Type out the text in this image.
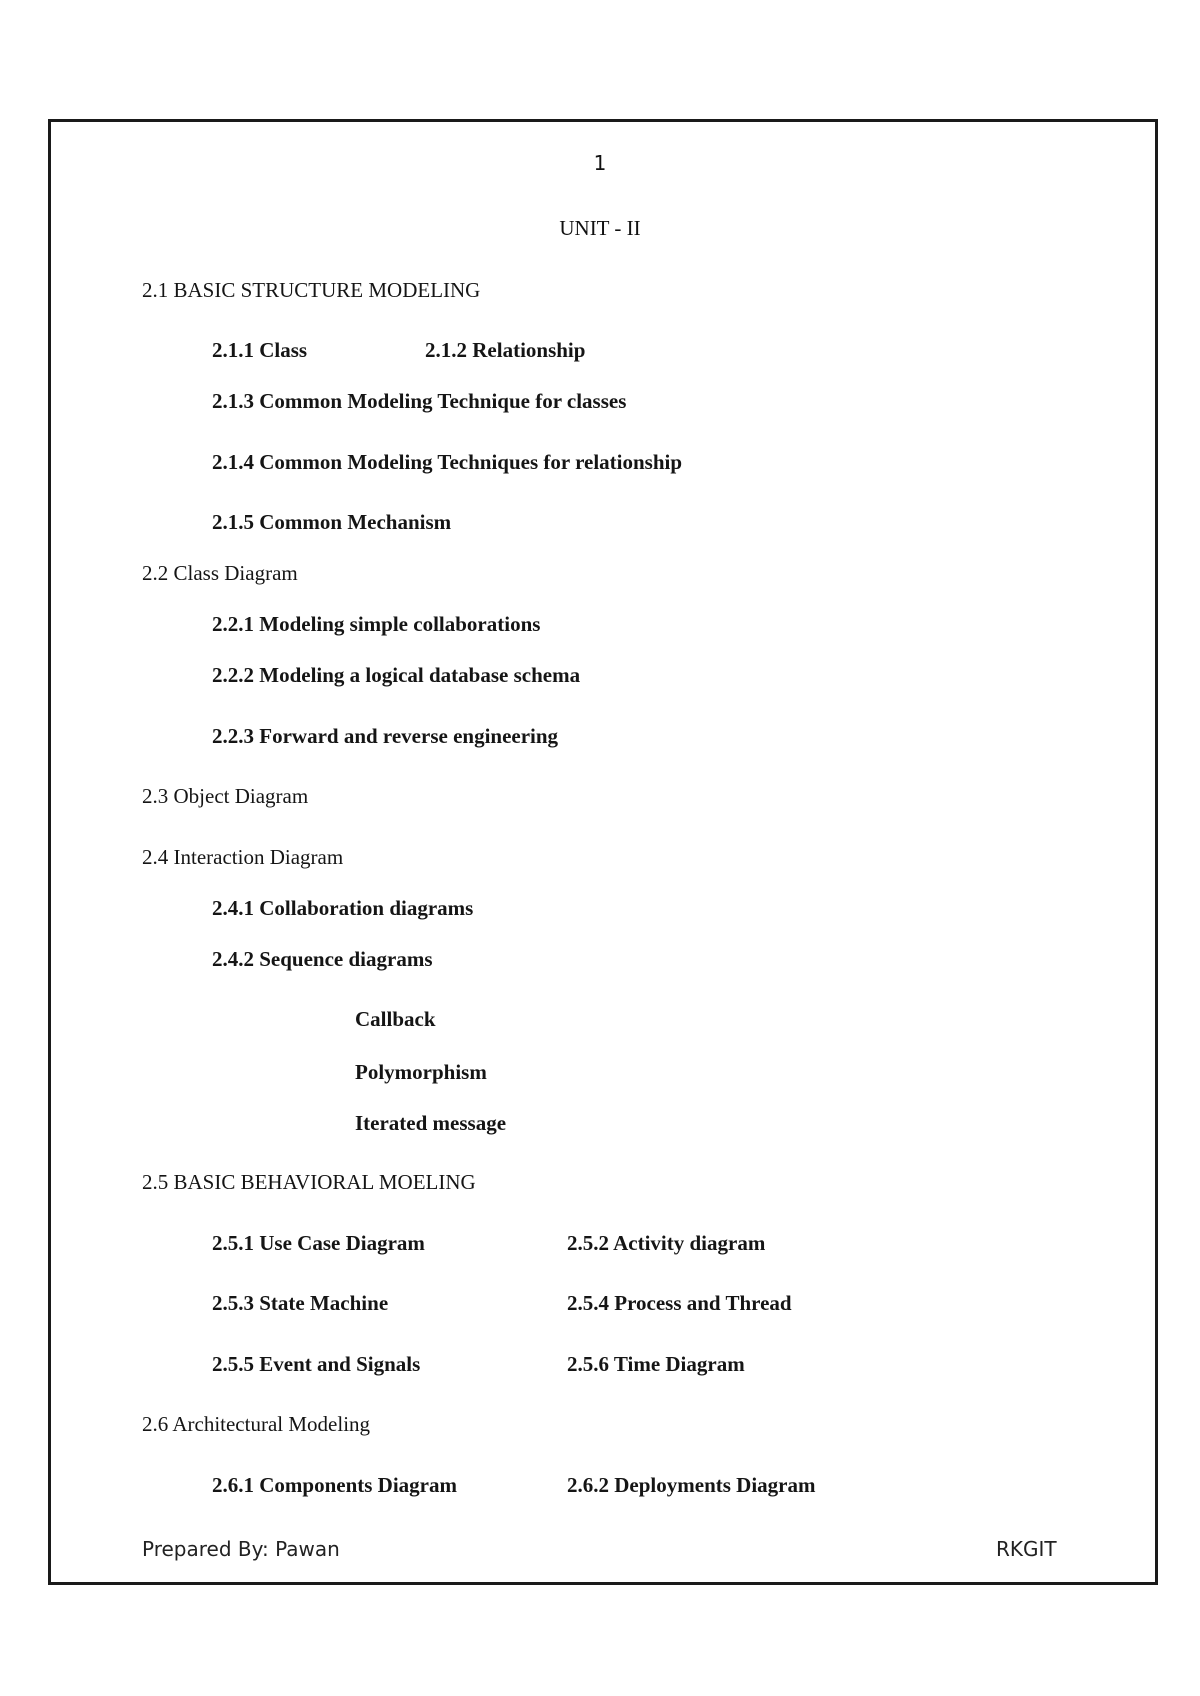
1
UNIT - II
2.1 BASIC STRUCTURE MODELING
2.1.1 Class	2.1.2 Relationship
2.1.3 Common Modeling Technique for classes
2.1.4 Common Modeling Techniques for relationship
2.1.5 Common Mechanism
2.2 Class Diagram
2.2.1 Modeling simple collaborations
2.2.2 Modeling a logical database schema
2.2.3 Forward and reverse engineering
2.3 Object Diagram
2.4 Interaction Diagram
2.4.1 Collaboration diagrams
2.4.2 Sequence diagrams
Callback
Polymorphism
Iterated message
2.5 BASIC BEHAVIORAL MOELING
2.5.1 Use Case Diagram	2.5.2 Activity diagram
2.5.3 State Machine	2.5.4 Process and Thread
2.5.5 Event and Signals	2.5.6 Time Diagram
2.6 Architectural Modeling
2.6.1 Components Diagram	2.6.2 Deployments Diagram
Prepared By: Pawan	RKGIT
